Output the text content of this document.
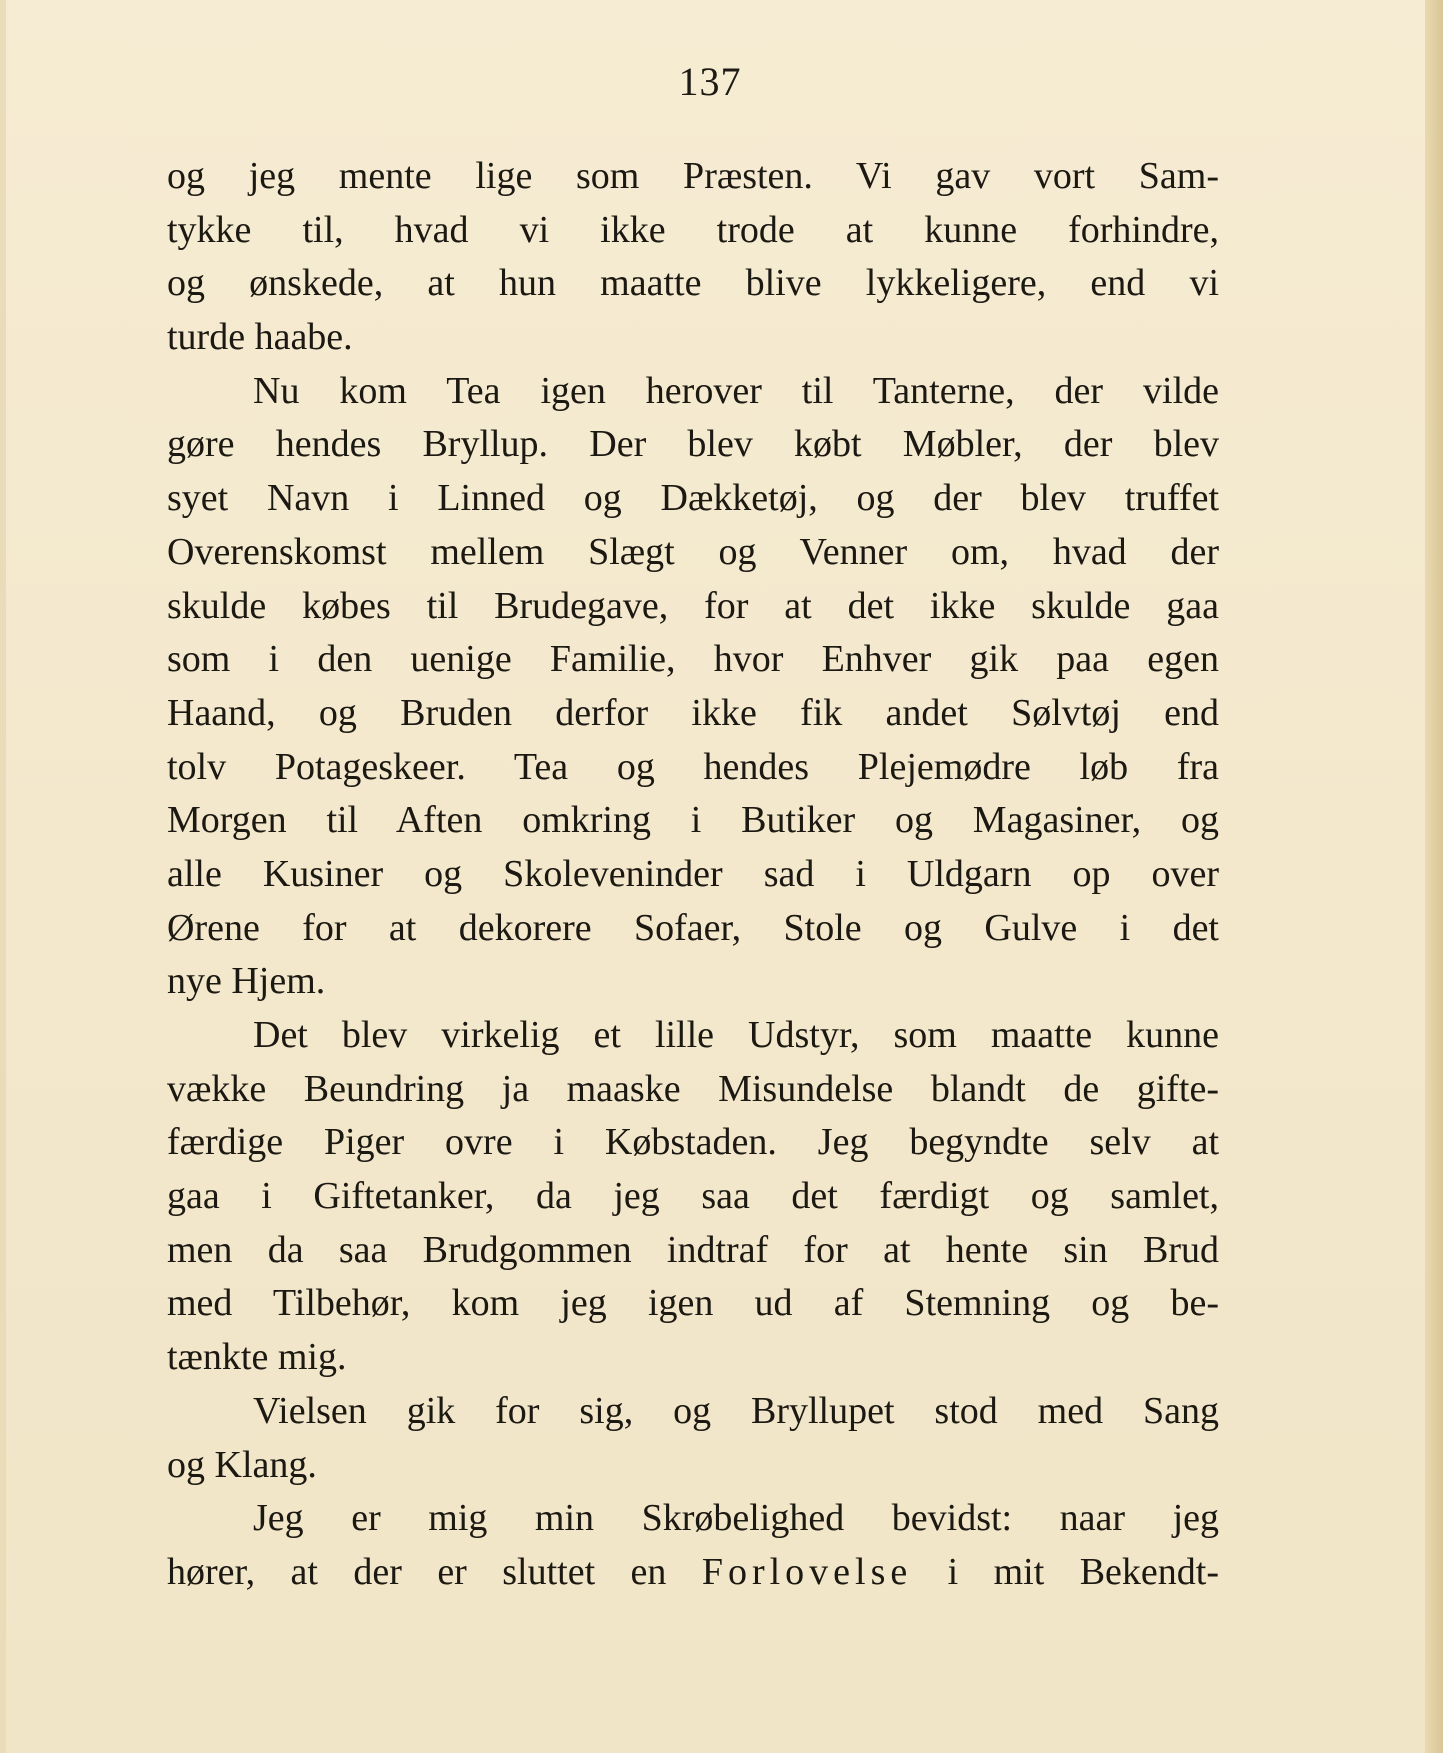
137
og jeg mente lige som Præsten. Vi gav vort Sam-
tykke til, hvad vi ikke trode at kunne forhindre,
og ønskede, at hun maatte blive lykkeligere, end vi
turde haabe.
Nu kom Tea igen herover til Tanterne, der vilde
gøre hendes Bryllup. Der blev købt Møbler, der blev
syet Navn i Linned og Dækketøj, og der blev truffet
Overenskomst mellem Slægt og Venner om, hvad der
skulde købes til Brudegave, for at det ikke skulde gaa
som i den uenige Familie, hvor Enhver gik paa egen
Haand, og Bruden derfor ikke fik andet Sølvtøj end
tolv Potageskeer. Tea og hendes Plejemødre løb fra
Morgen til Aften omkring i Butiker og Magasiner, og
alle Kusiner og Skoleveninder sad i Uldgarn op over
Ørene for at dekorere Sofaer, Stole og Gulve i det
nye Hjem.
Det blev virkelig et lille Udstyr, som maatte kunne
vække Beundring ja maaske Misundelse blandt de gifte-
færdige Piger ovre i Købstaden. Jeg begyndte selv at
gaa i Giftetanker, da jeg saa det færdigt og samlet,
men da saa Brudgommen indtraf for at hente sin Brud
med Tilbehør, kom jeg igen ud af Stemning og be-
tænkte mig.
Vielsen gik for sig, og Bryllupet stod med Sang
og Klang.
Jeg er mig min Skrøbelighed bevidst: naar jeg
hører, at der er sluttet en Forlovelse i mit Bekendt-
